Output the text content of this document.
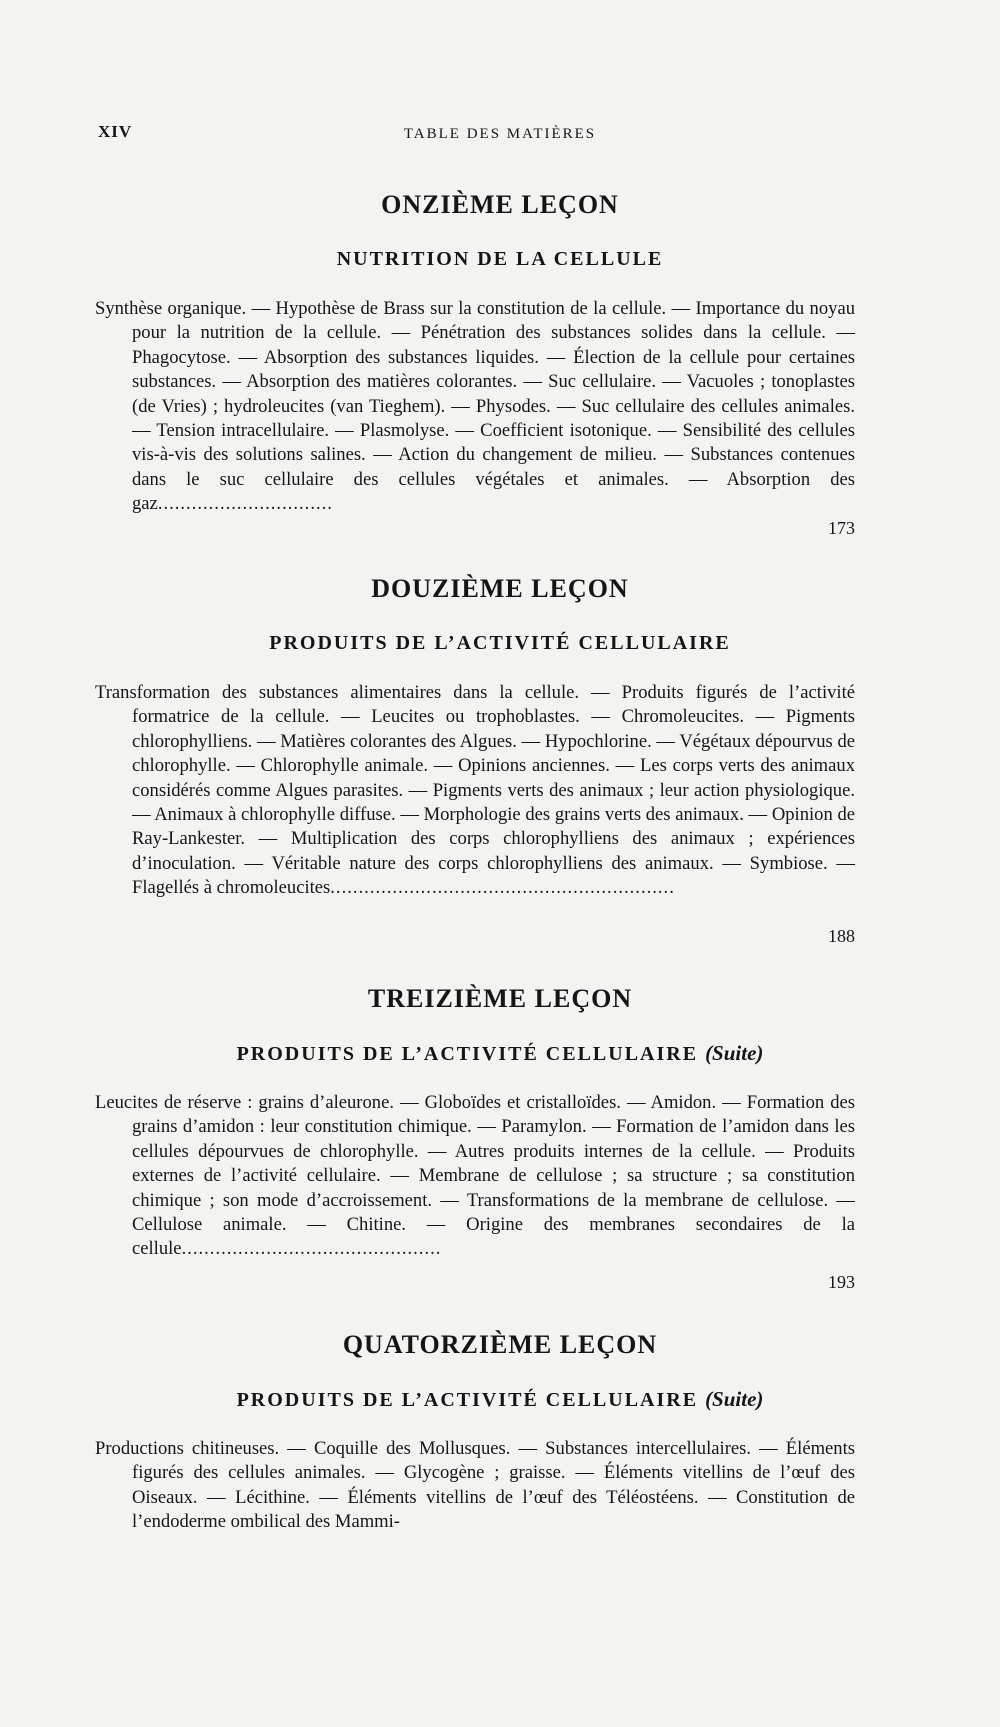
XIV	TABLE DES MATIÈRES
ONZIÈME LEÇON
NUTRITION DE LA CELLULE

Synthèse organique. — Hypothèse de Brass sur la constitution de la cellule. — Importance du noyau pour la nutrition de la cellule. — Pénétration des substances solides dans la cellule. — Phagocytose. — Absorption des substances liquides. — Élection de la cellule pour certaines substances. — Absorption des matières colorantes. — Suc cellulaire. — Vacuoles ; tonoplastes (de Vries) ; hydroleucites (van Tieghem). — Physodes. — Suc cellulaire des cellules animales. — Tension intracellulaire. — Plasmolyse. — Coefficient isotonique. — Sensibilité des cellules vis-à-vis des solutions salines. — Action du changement de milieu. — Substances contenues dans le suc cellulaire des cellules végétales et animales. — Absorption des gaz...............................

173
DOUZIÈME LEÇON
PRODUITS DE L’ACTIVITÉ CELLULAIRE

Transformation des substances alimentaires dans la cellule. — Produits figurés de l’activité formatrice de la cellule. — Leucites ou trophoblastes. — Chromoleucites. — Pigments chlorophylliens. — Matières colorantes des Algues. — Hypochlorine. — Végétaux dépourvus de chlorophylle. — Chlorophylle animale. — Opinions anciennes. — Les corps verts des animaux considérés comme Algues parasites. — Pigments verts des animaux ; leur action physiologique. — Animaux à chlorophylle diffuse. — Morphologie des grains verts des animaux. — Opinion de Ray-Lankester. — Multiplication des corps chlorophylliens des animaux ; expériences d’inoculation. — Véritable nature des corps chlorophylliens des animaux. — Symbiose. — Flagellés à chromoleucites.............................................................

188
TREIZIÈME LEÇON
PRODUITS DE L’ACTIVITÉ CELLULAIRE (Suite)

Leucites de réserve : grains d’aleurone. — Globoïdes et cristalloïdes. — Amidon. — Formation des grains d’amidon : leur constitution chimique. — Paramylon. — Formation de l’amidon dans les cellules dépourvues de chlorophylle. — Autres produits internes de la cellule. — Produits externes de l’activité cellulaire. — Membrane de cellulose ; sa structure ; sa constitution chimique ; son mode d’accroissement. — Transformations de la membrane de cellulose. — Cellulose animale. — Chitine. — Origine des membranes secondaires de la cellule..............................................

193
QUATORZIÈME LEÇON
PRODUITS DE L’ACTIVITÉ CELLULAIRE (Suite)

Productions chitineuses. — Coquille des Mollusques. — Substances intercellulaires. — Éléments figurés des cellules animales. — Glycogène ; graisse. — Éléments vitellins de l’œuf des Oiseaux. — Lécithine. — Éléments vitellins de l’œuf des Téléostéens. — Constitution de l’endoderme ombilical des Mammi-
